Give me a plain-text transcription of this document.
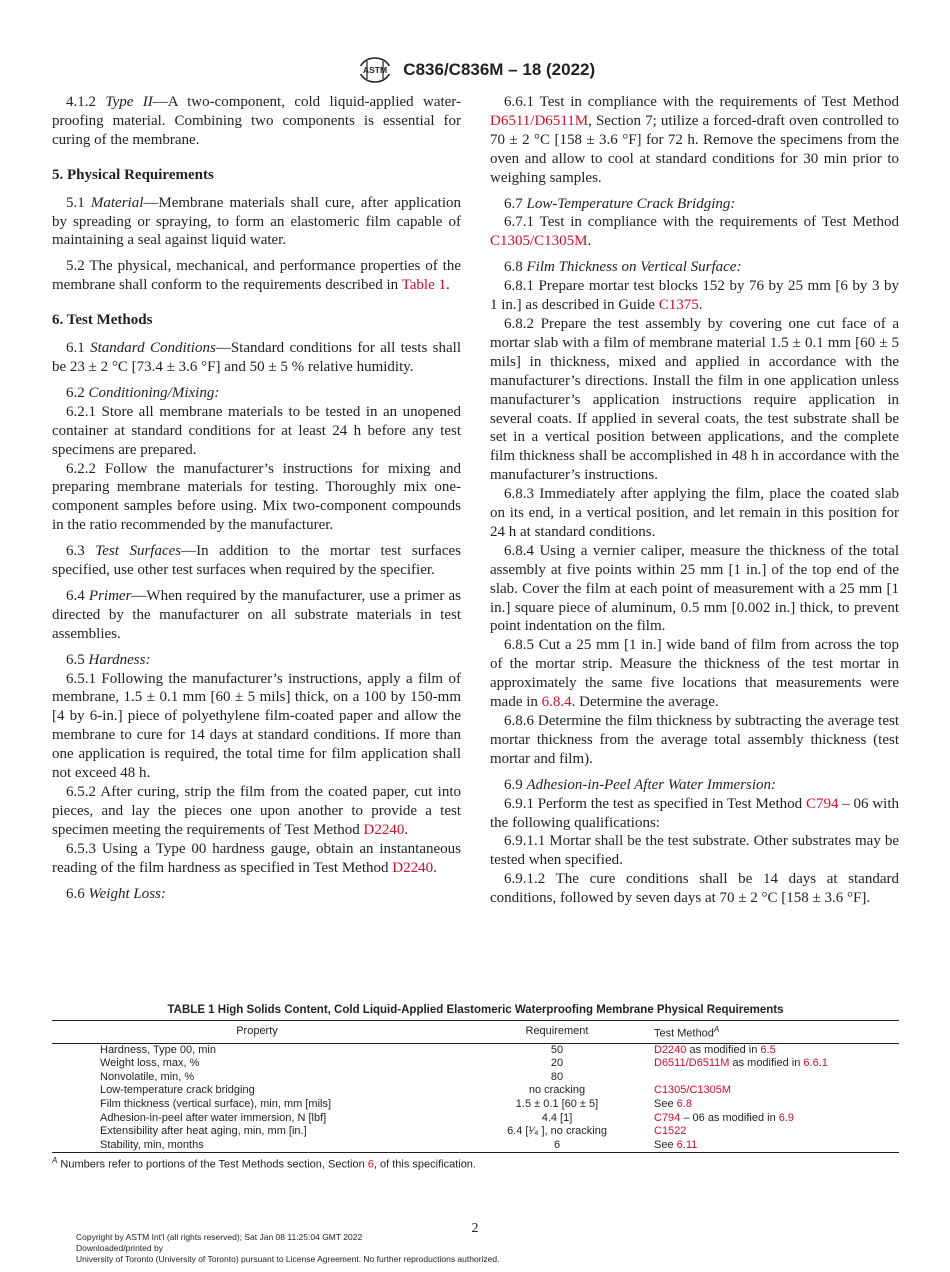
ASTM C836/C836M – 18 (2022)

4.1.2 Type II—A two-component, cold liquid-applied water-proofing material. Combining two components is essential for curing of the membrane.

5. Physical Requirements

5.1 Material—Membrane materials shall cure, after application by spreading or spraying, to form an elastomeric film capable of maintaining a seal against liquid water.

5.2 The physical, mechanical, and performance properties of the membrane shall conform to the requirements described in Table 1.

6. Test Methods

6.1 Standard Conditions—Standard conditions for all tests shall be 23 ± 2 °C [73.4 ± 3.6 °F] and 50 ± 5 % relative humidity.

6.2 Conditioning/Mixing:

6.2.1 Store all membrane materials to be tested in an unopened container at standard conditions for at least 24 h before any test specimens are prepared.

6.2.2 Follow the manufacturer’s instructions for mixing and preparing membrane materials for testing. Thoroughly mix one-component samples before using. Mix two-component compounds in the ratio recommended by the manufacturer.

6.3 Test Surfaces—In addition to the mortar test surfaces specified, use other test surfaces when required by the specifier.

6.4 Primer—When required by the manufacturer, use a primer as directed by the manufacturer on all substrate materials in test assemblies.

6.5 Hardness:

6.5.1 Following the manufacturer’s instructions, apply a film of membrane, 1.5 ± 0.1 mm [60 ± 5 mils] thick, on a 100 by 150-mm [4 by 6-in.] piece of polyethylene film-coated paper and allow the membrane to cure for 14 days at standard conditions. If more than one application is required, the total time for film application shall not exceed 48 h.

6.5.2 After curing, strip the film from the coated paper, cut into pieces, and lay the pieces one upon another to provide a test specimen meeting the requirements of Test Method D2240.

6.5.3 Using a Type 00 hardness gauge, obtain an instantaneous reading of the film hardness as specified in Test Method D2240.

6.6 Weight Loss:

6.6.1 Test in compliance with the requirements of Test Method D6511/D6511M, Section 7; utilize a forced-draft oven controlled to 70 ± 2 °C [158 ± 3.6 °F] for 72 h. Remove the specimens from the oven and allow to cool at standard conditions for 30 min prior to weighing samples.

6.7 Low-Temperature Crack Bridging:

6.7.1 Test in compliance with the requirements of Test Method C1305/C1305M.

6.8 Film Thickness on Vertical Surface:

6.8.1 Prepare mortar test blocks 152 by 76 by 25 mm [6 by 3 by 1 in.] as described in Guide C1375.

6.8.2 Prepare the test assembly by covering one cut face of a mortar slab with a film of membrane material 1.5 ± 0.1 mm [60 ± 5 mils] in thickness, mixed and applied in accordance with the manufacturer’s directions. Install the film in one application unless manufacturer’s application instructions require application in several coats. If applied in several coats, the test substrate shall be set in a vertical position between applications, and the complete film thickness shall be accomplished in 48 h in accordance with the manufacturer’s instructions.

6.8.3 Immediately after applying the film, place the coated slab on its end, in a vertical position, and let remain in this position for 24 h at standard conditions.

6.8.4 Using a vernier caliper, measure the thickness of the total assembly at five points within 25 mm [1 in.] of the top end of the slab. Cover the film at each point of measurement with a 25 mm [1 in.] square piece of aluminum, 0.5 mm [0.002 in.] thick, to prevent point indentation on the film.

6.8.5 Cut a 25 mm [1 in.] wide band of film from across the top of the mortar strip. Measure the thickness of the test mortar in approximately the same five locations that measurements were made in 6.8.4. Determine the average.

6.8.6 Determine the film thickness by subtracting the average test mortar thickness from the average total assembly thickness (test mortar and film).

6.9 Adhesion-in-Peel After Water Immersion:

6.9.1 Perform the test as specified in Test Method C794 – 06 with the following qualifications:

6.9.1.1 Mortar shall be the test substrate. Other substrates may be tested when specified.

6.9.1.2 The cure conditions shall be 14 days at standard conditions, followed by seven days at 70 ± 2 °C [158 ± 3.6 °F].

TABLE 1 High Solids Content, Cold Liquid-Applied Elastomeric Waterproofing Membrane Physical Requirements
Property	Requirement	Test Method$^A$
Hardness, Type 00, min	50	D2240 as modified in 6.5
Weight loss, max, %	20	D6511/D6511M as modified in 6.6.1
Nonvolatile, min, %	80	
Low-temperature crack bridging	no cracking	C1305/C1305M
Film thickness (vertical surface), min, mm [mils]	1.5 ± 0.1 [60 ± 5]	See 6.8
Adhesion-in-peel after water immersion, N [lbf]	4.4 [1]	C794 – 06 as modified in 6.9
Extensibility after heat aging, min, mm [in.]	6.4 [¹⁄₄ ], no cracking	C1522
Stability, min, months	6	See 6.11
$^A$ Numbers refer to portions of the Test Methods section, Section 6, of this specification.
2
Copyright by ASTM Int'l (all rights reserved); Sat Jan 08 11:25:04 GMT 2022
Downloaded/printed by
University of Toronto (University of Toronto) pursuant to License Agreement. No further reproductions authorized.
